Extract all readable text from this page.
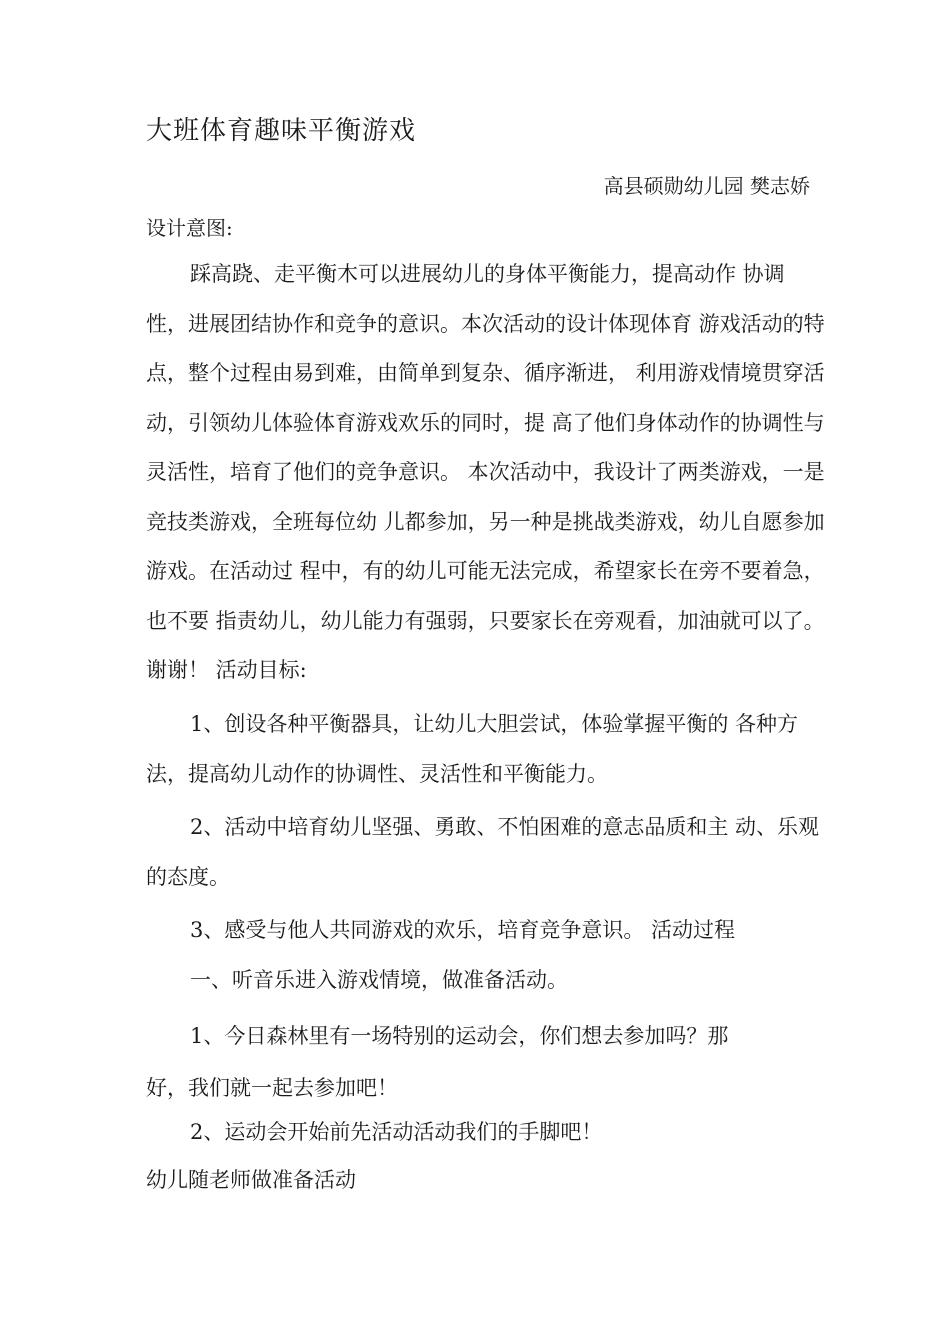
大班体育趣味平衡游戏
高县硕勋幼儿园 樊志娇
设计意图:

踩高跷、走平衡木可以进展幼儿的身体平衡能力，提高动作 协调性，进展团结协作和竞争的意识。本次活动的设计体现体育 游戏活动的特点，整个过程由易到难，由简单到复杂、循序渐进， 利用游戏情境贯穿活动，引领幼儿体验体育游戏欢乐的同时，提 高了他们身体动作的协调性与灵活性，培育了他们的竞争意识。 本次活动中，我设计了两类游戏，一是竞技类游戏，全班每位幼 儿都参加，另一种是挑战类游戏，幼儿自愿参加游戏。在活动过 程中，有的幼儿可能无法完成，希望家长在旁不要着急，也不要 指责幼儿，幼儿能力有强弱，只要家长在旁观看，加油就可以了。 谢谢！ 活动目标:

1、创设各种平衡器具，让幼儿大胆尝试，体验掌握平衡的 各种方法，提高幼儿动作的协调性、灵活性和平衡能力。

2、活动中培育幼儿坚强、勇敢、不怕困难的意志品质和主 动、乐观的态度。

3、感受与他人共同游戏的欢乐，培育竞争意识。 活动过程

一、听音乐进入游戏情境，做准备活动。

1、今日森林里有一场特别的运动会，你们想去参加吗？那

好，我们就一起去参加吧！

2、运动会开始前先活动活动我们的手脚吧！

幼儿随老师做准备活动
